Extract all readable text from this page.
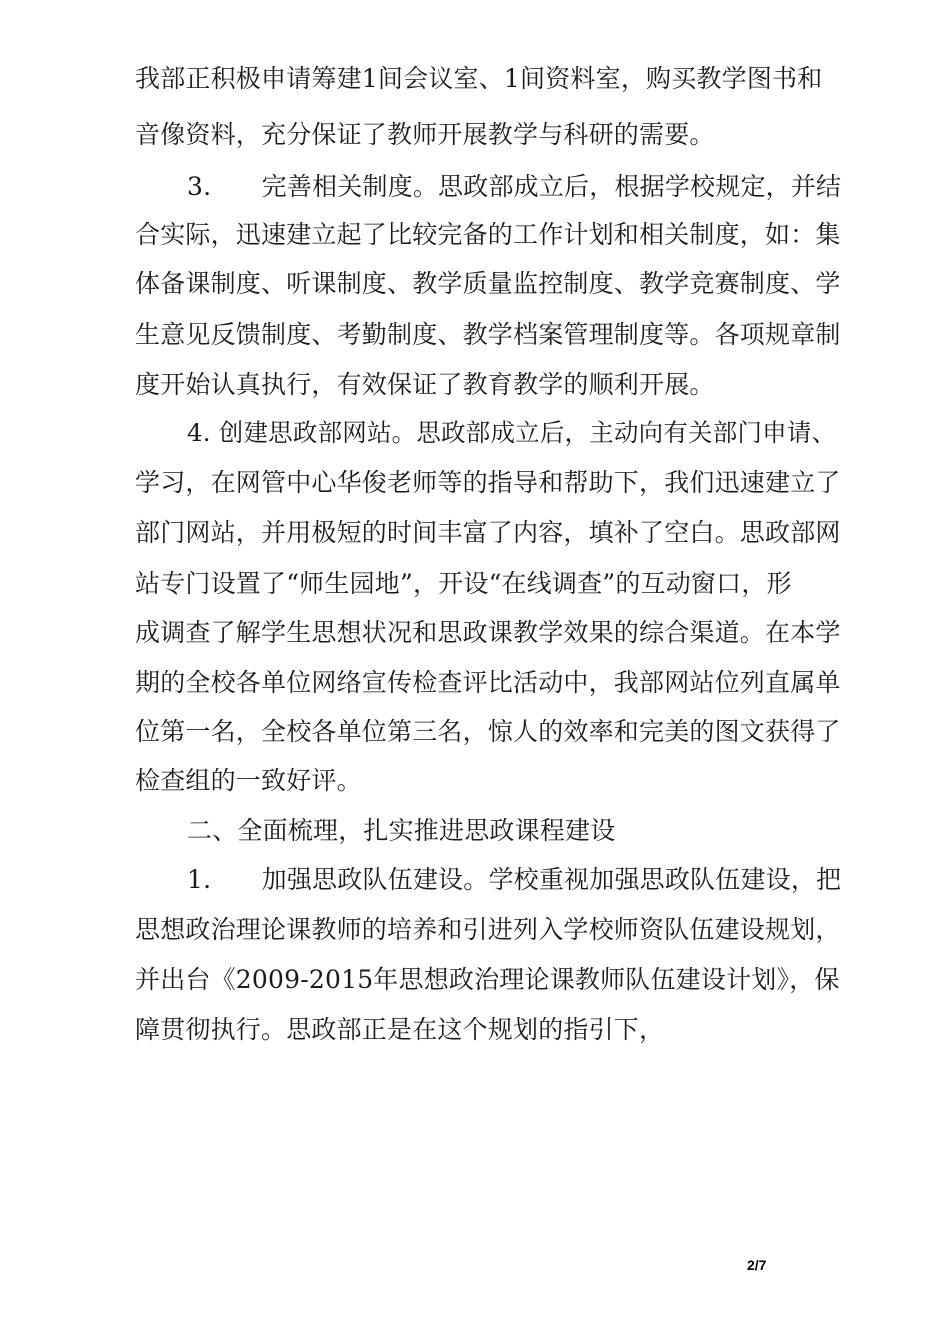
我部正积极申请筹建1间会议室、1间资料室，购买教学图书和

音像资料，充分保证了教师开展教学与科研的需要。

3.　　完善相关制度。思政部成立后，根据学校规定，并结

合实际，迅速建立起了比较完备的工作计划和相关制度，如：集

体备课制度、听课制度、教学质量监控制度、教学竞赛制度、学

生意见反馈制度、考勤制度、教学档案管理制度等。各项规章制

度开始认真执行，有效保证了教育教学的顺利开展。

4. 创建思政部网站。思政部成立后，主动向有关部门申请、

学习，在网管中心华俊老师等的指导和帮助下，我们迅速建立了

部门网站，并用极短的时间丰富了内容，填补了空白。思政部网

站专门设置了“师生园地”，开设“在线调查”的互动窗口，形

成调查了解学生思想状况和思政课教学效果的综合渠道。在本学

期的全校各单位网络宣传检查评比活动中，我部网站位列直属单

位第一名，全校各单位第三名，惊人的效率和完美的图文获得了

检查组的一致好评。

二、全面梳理，扎实推进思政课程建设

1.　　加强思政队伍建设。学校重视加强思政队伍建设，把

思想政治理论课教师的培养和引进列入学校师资队伍建设规划，

并出台《2009-2015年思想政治理论课教师队伍建设计划》，保

障贯彻执行。思政部正是在这个规划的指引下，

2/7
